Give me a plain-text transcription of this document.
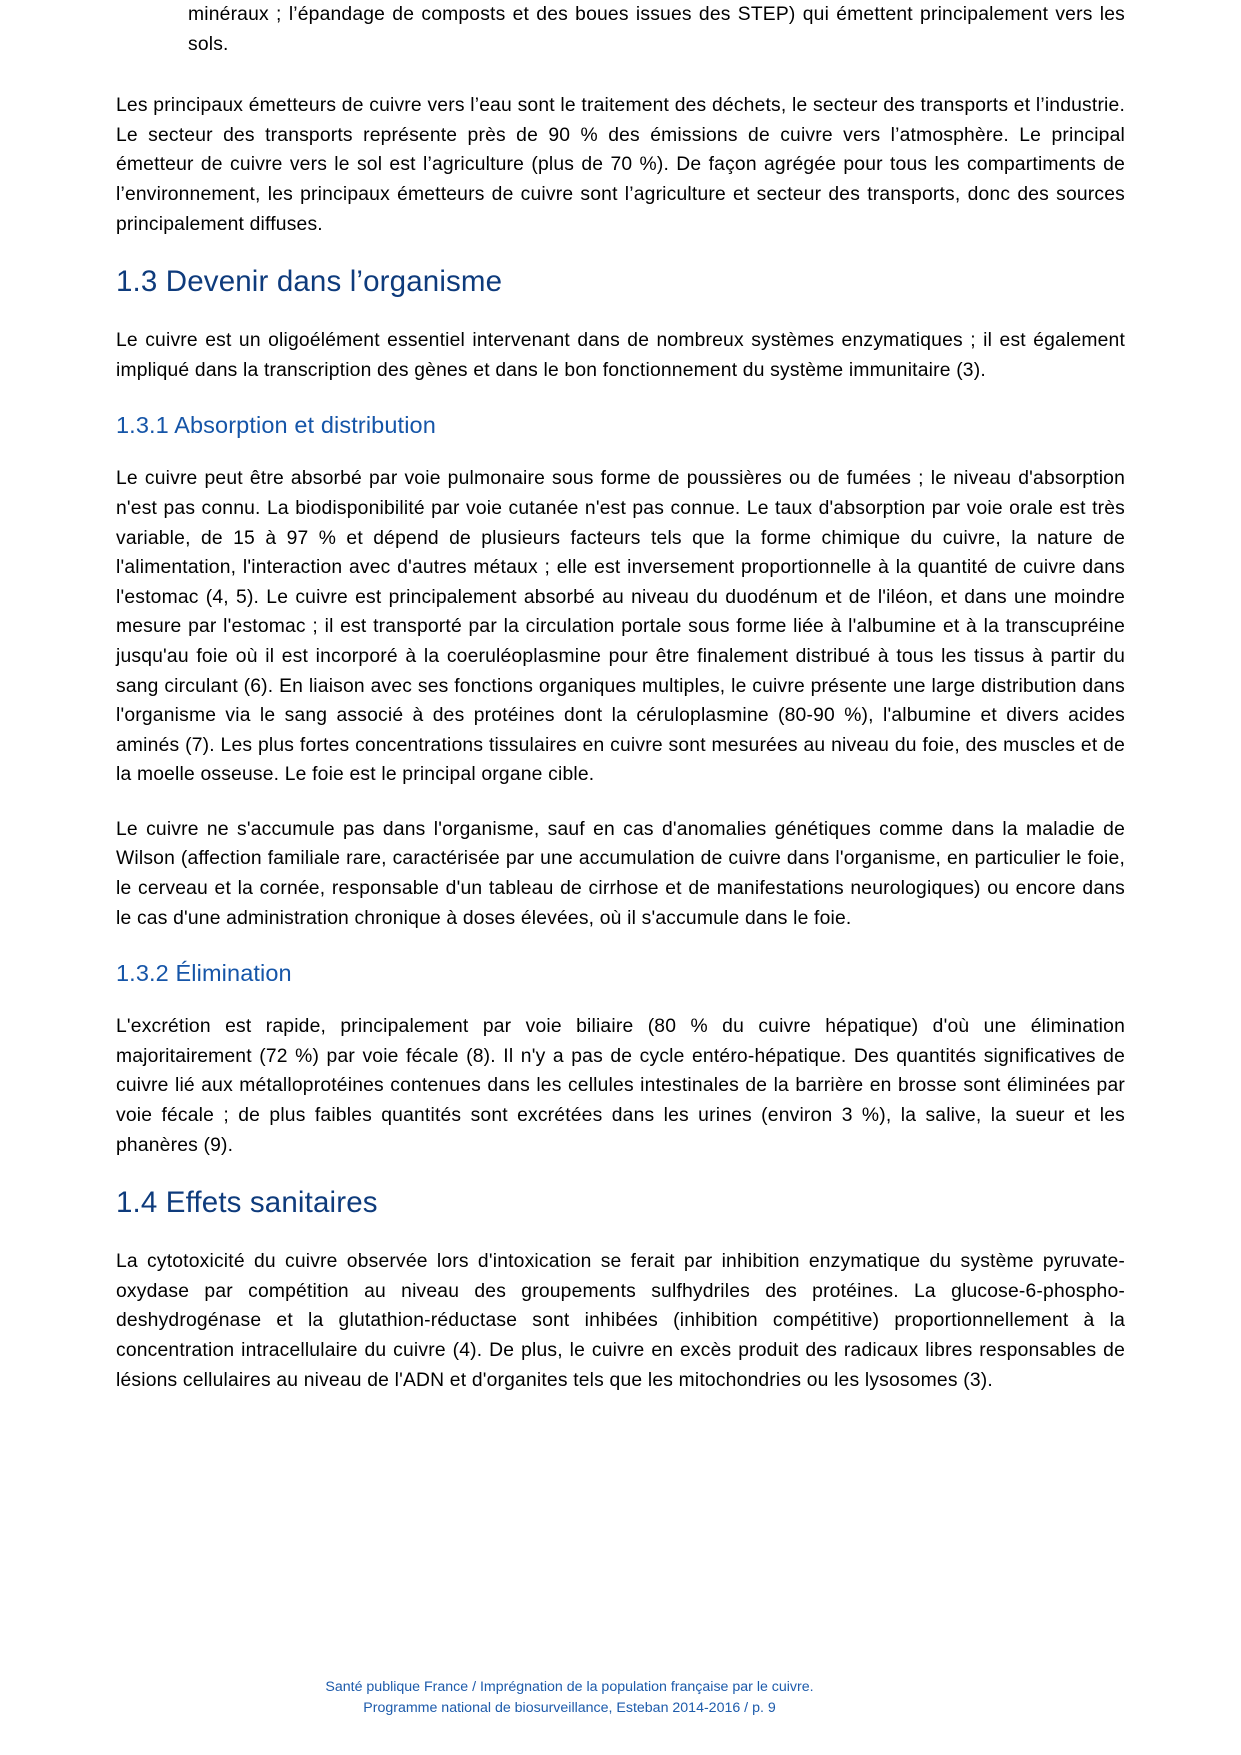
minéraux ; l’épandage de composts et des boues issues des STEP) qui émettent principalement vers les sols.

Les principaux émetteurs de cuivre vers l’eau sont le traitement des déchets, le secteur des transports et l’industrie. Le secteur des transports représente près de 90 % des émissions de cuivre vers l’atmosphère. Le principal émetteur de cuivre vers le sol est l’agriculture (plus de 70 %). De façon agrégée pour tous les compartiments de l’environnement, les principaux émetteurs de cuivre sont l’agriculture et secteur des transports, donc des sources principalement diffuses.

1.3 Devenir dans l’organisme

Le cuivre est un oligoélément essentiel intervenant dans de nombreux systèmes enzymatiques ; il est également impliqué dans la transcription des gènes et dans le bon fonctionnement du système immunitaire (3).

1.3.1 Absorption et distribution

Le cuivre peut être absorbé par voie pulmonaire sous forme de poussières ou de fumées ; le niveau d'absorption n'est pas connu. La biodisponibilité par voie cutanée n'est pas connue. Le taux d'absorption par voie orale est très variable, de 15 à 97 % et dépend de plusieurs facteurs tels que la forme chimique du cuivre, la nature de l'alimentation, l'interaction avec d'autres métaux ; elle est inversement proportionnelle à la quantité de cuivre dans l'estomac (4, 5). Le cuivre est principalement absorbé au niveau du duodénum et de l'iléon, et dans une moindre mesure par l'estomac ; il est transporté par la circulation portale sous forme liée à l'albumine et à la transcupréine jusqu'au foie où il est incorporé à la coeruléoplasmine pour être finalement distribué à tous les tissus à partir du sang circulant (6). En liaison avec ses fonctions organiques multiples, le cuivre présente une large distribution dans l'organisme via le sang associé à des protéines dont la céruloplasmine (80-90 %), l'albumine et divers acides aminés (7). Les plus fortes concentrations tissulaires en cuivre sont mesurées au niveau du foie, des muscles et de la moelle osseuse. Le foie est le principal organe cible.

Le cuivre ne s'accumule pas dans l'organisme, sauf en cas d'anomalies génétiques comme dans la maladie de Wilson (affection familiale rare, caractérisée par une accumulation de cuivre dans l'organisme, en particulier le foie, le cerveau et la cornée, responsable d'un tableau de cirrhose et de manifestations neurologiques) ou encore dans le cas d'une administration chronique à doses élevées, où il s'accumule dans le foie.

1.3.2 Élimination

L'excrétion est rapide, principalement par voie biliaire (80 % du cuivre hépatique) d'où une élimination majoritairement (72 %) par voie fécale (8). Il n'y a pas de cycle entéro-hépatique. Des quantités significatives de cuivre lié aux métalloprotéines contenues dans les cellules intestinales de la barrière en brosse sont éliminées par voie fécale ; de plus faibles quantités sont excrétées dans les urines (environ 3 %), la salive, la sueur et les phanères (9).

1.4 Effets sanitaires

La cytotoxicité du cuivre observée lors d'intoxication se ferait par inhibition enzymatique du système pyruvate-oxydase par compétition au niveau des groupements sulfhydriles des protéines. La glucose-6-phospho-deshydrogénase et la glutathion-réductase sont inhibées (inhibition compétitive) proportionnellement à la concentration intracellulaire du cuivre (4). De plus, le cuivre en excès produit des radicaux libres responsables de lésions cellulaires au niveau de l'ADN et d'organites tels que les mitochondries ou les lysosomes (3).

Santé publique France / Imprégnation de la population française par le cuivre.
Programme national de biosurveillance, Esteban 2014-2016 / p. 9
